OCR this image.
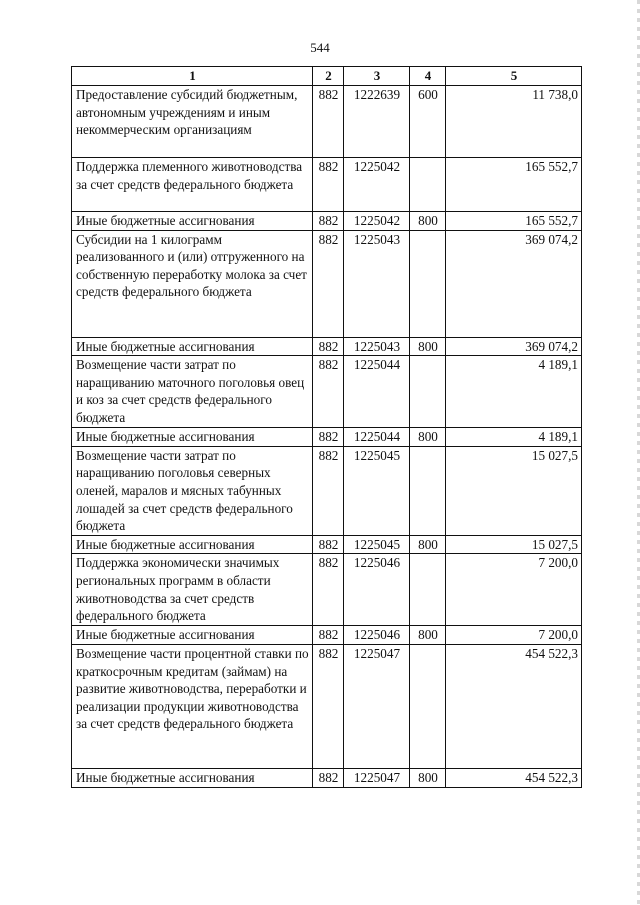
544
1	2	3	4	5
Предоставление субсидий бюджетным, автономным учреждениям и иным некоммерческим организациям	882	1222639	600	11 738,0
Поддержка племенного животноводства за счет средств федерального бюджета	882	1225042		165 552,7
Иные бюджетные ассигнования	882	1225042	800	165 552,7
Субсидии на 1 килограмм реализованного и (или) отгруженного на собственную переработку молока за счет средств федерального бюджета	882	1225043		369 074,2
Иные бюджетные ассигнования	882	1225043	800	369 074,2
Возмещение части затрат по наращиванию маточного поголовья овец и коз за счет средств федерального бюджета	882	1225044		4 189,1
Иные бюджетные ассигнования	882	1225044	800	4 189,1
Возмещение части затрат по наращиванию поголовья северных оленей, маралов и мясных табунных лошадей за счет средств федерального бюджета	882	1225045		15 027,5
Иные бюджетные ассигнования	882	1225045	800	15 027,5
Поддержка экономически значимых региональных программ в области животноводства за счет средств федерального бюджета	882	1225046		7 200,0
Иные бюджетные ассигнования	882	1225046	800	7 200,0
Возмещение части процентной ставки по краткосрочным кредитам (займам) на развитие животноводства, переработки и реализации продукции животноводства за счет средств федерального бюджета	882	1225047		454 522,3
Иные бюджетные ассигнования	882	1225047	800	454 522,3
